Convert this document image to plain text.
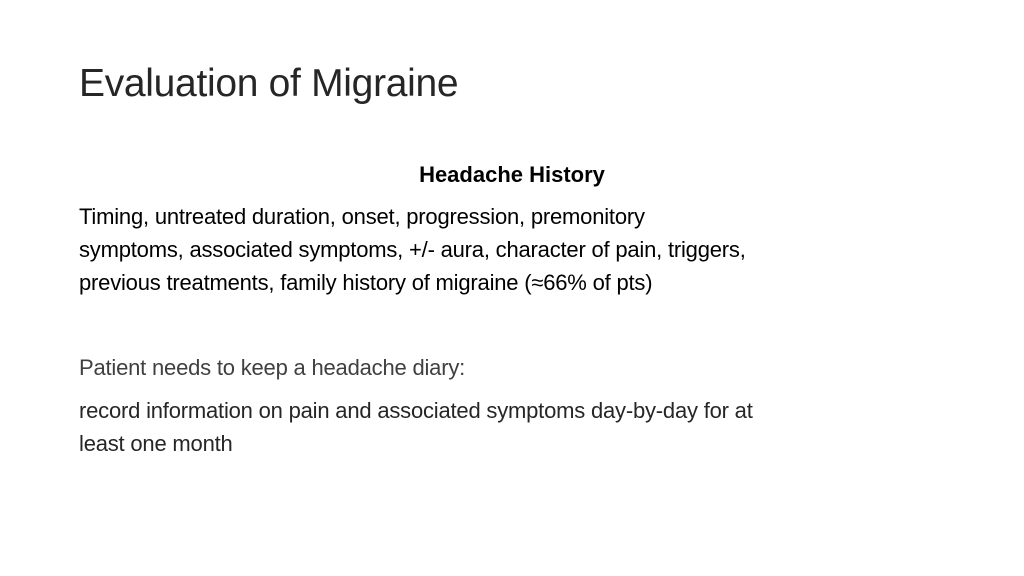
Evaluation of Migraine
Headache History

Timing, untreated duration, onset, progression, premonitory
symptoms, associated symptoms, +/- aura, character of pain, triggers,
previous treatments, family history of migraine (≈66% of pts)

Patient needs to keep a headache diary:

record information on pain and associated symptoms day-by-day for at
least one month
